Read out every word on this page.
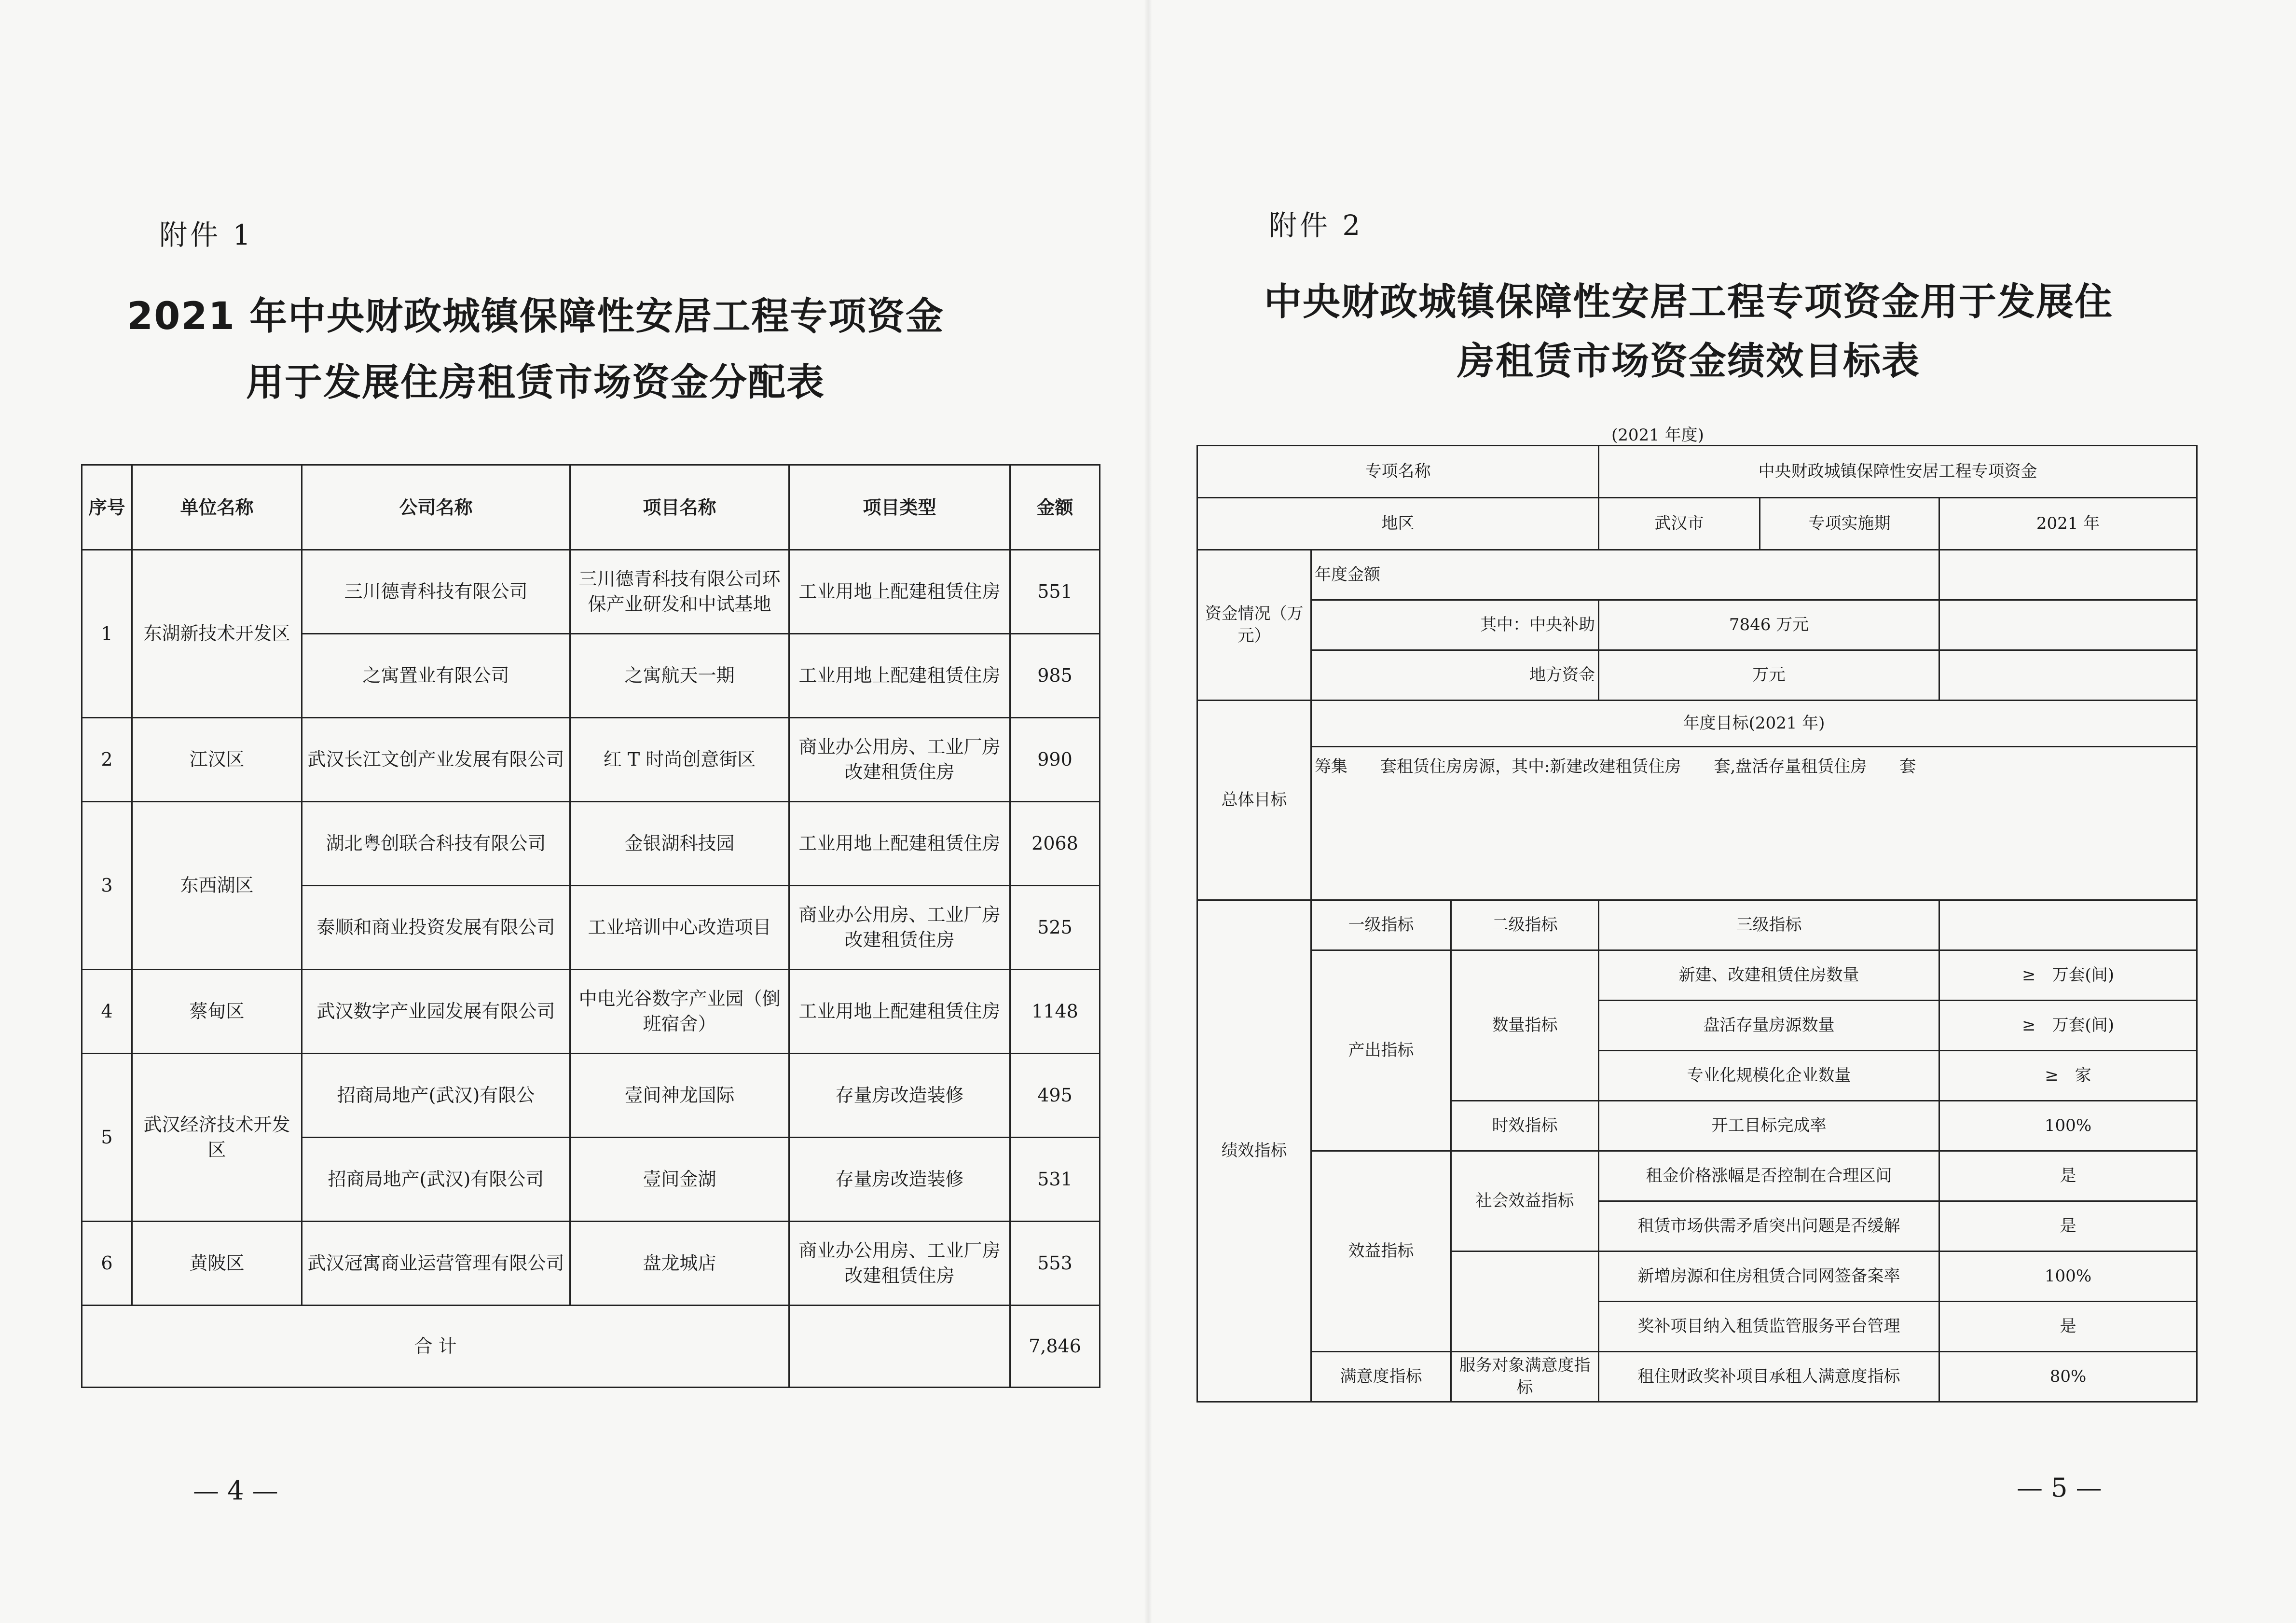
附件 1
2021 年中央财政城镇保障性安居工程专项资金
用于发展住房租赁市场资金分配表
序号	单位名称	公司名称	项目名称	项目类型	金额
1	东湖新技术开发区	三川德青科技有限公司	三川德青科技有限公司环保产业研发和中试基地	工业用地上配建租赁住房	551
		之寓置业有限公司	之寓航天一期	工业用地上配建租赁住房	985
2	江汉区	武汉长江文创产业发展有限公司	红 T 时尚创意街区	商业办公用房、工业厂房改建租赁住房	990
3	东西湖区	湖北粤创联合科技有限公司	金银湖科技园	工业用地上配建租赁住房	2068
		泰顺和商业投资发展有限公司	工业培训中心改造项目	商业办公用房、工业厂房改建租赁住房	525
4	蔡甸区	武汉数字产业园发展有限公司	中电光谷数字产业园（倒班宿舍）	工业用地上配建租赁住房	1148
5	武汉经济技术开发区	招商局地产(武汉)有限公	壹间神龙国际	存量房改造装修	495
		招商局地产(武汉)有限公司	壹间金湖	存量房改造装修	531
6	黄陂区	武汉冠寓商业运营管理有限公司	盘龙城店	商业办公用房、工业厂房改建租赁住房	553
合 计					7,846
— 4 —
附件 2
中央财政城镇保障性安居工程专项资金用于发展住
房租赁市场资金绩效目标表
(2021 年度)
专项名称			中央财政城镇保障性安居工程专项资金		
地区			武汉市	专项实施期	2021 年
资金情况（万元）	年度金额				
	其中：中央补助		7846 万元		
	地方资金		万元		
总体目标	年度目标(2021 年)				
	筹集　　套租赁住房房源，其中:新建改建租赁住房　　套,盘活存量租赁住房　　套				
绩效指标	一级指标	二级指标	三级指标		
	产出指标	数量指标	新建、改建租赁住房数量		≥　万套(间)
			盘活存量房源数量		≥　万套(间)
			专业化规模化企业数量		≥　家
		时效指标	开工目标完成率		100%
	效益指标	社会效益指标	租金价格涨幅是否控制在合理区间		是
			租赁市场供需矛盾突出问题是否缓解		是
			新增房源和住房租赁合同网签备案率		100%
			奖补项目纳入租赁监管服务平台管理		是
	满意度指标	服务对象满意度指标	租住财政奖补项目承租人满意度指标		80%
— 5 —
